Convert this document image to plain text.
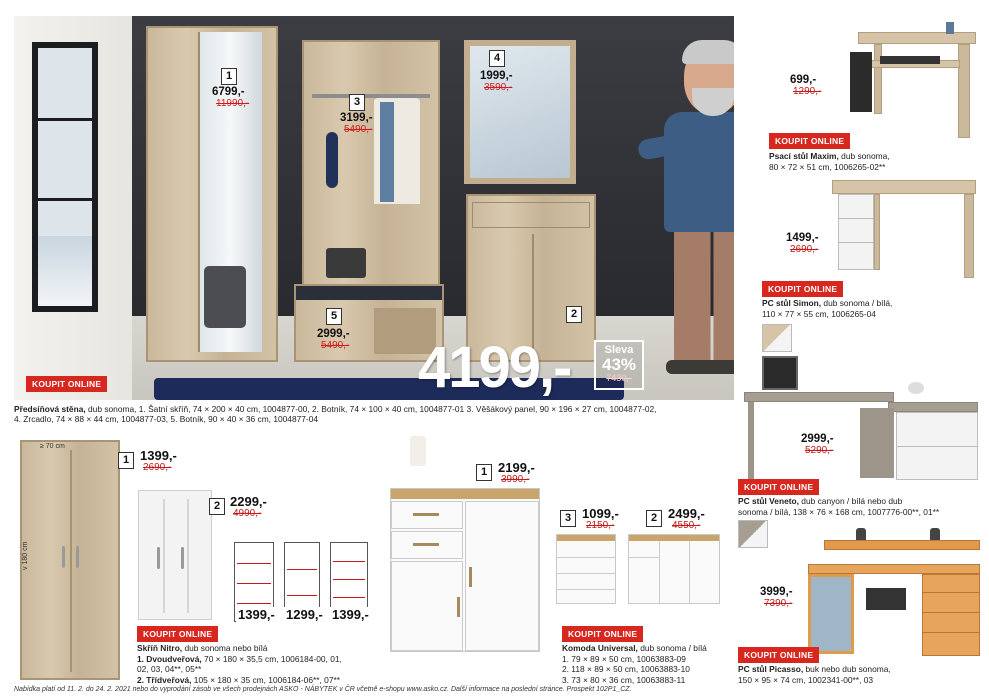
1
6799,-
11990,-	3
3199,-
5490,-
4
1999,-
3590,-
5
2999,-
5490,-
2
KOUPIT ONLINE	4199,-	Sleva
43%
7430,-
Předsíňová stěna, dub sonoma, 1. Šatní skříň, 74 × 200 × 40 cm, 1004877-00, 2. Botník, 74 × 100 × 40 cm, 1004877-01 3. Věšákový panel, 90 × 196 × 27 cm, 1004877-02,
4. Zrcadlo, 74 × 88 × 44 cm, 1004877-03, 5. Botník, 90 × 40 × 36 cm, 1004877-04
699,-
1290,-
KOUPIT ONLINE
Psací stůl Maxim, dub sonoma,
80 × 72 × 51 cm, 1006265-02**
1499,-
2690,-
KOUPIT ONLINE
PC stůl Simon, dub sonoma / bílá,
110 × 77 × 55 cm, 1006265-04
2999,-
5290,-
KOUPIT ONLINE
PC stůl Veneto, dub canyon / bílá nebo dub
sonoma / bílá, 138 × 76 × 168 cm, 1007776-00**, 01**
3999,-
7390,-
KOUPIT ONLINE
PC stůl Picasso, buk nebo dub sonoma,
150 × 95 × 74 cm, 1002341-00**, 03
≥ 70 cm
v 180 cm
1 1399,-
2690,-
2 2299,-
4990,-
1399,- 1299,- 1399,-
KOUPIT ONLINE
Skříň Nitro, dub sonoma nebo bílá
1. Dvoudveřová, 70 × 180 × 35,5 cm, 1006184-00, 01,
02, 03, 04**, 05**
2. Třídveřová, 105 × 180 × 35 cm, 1006184-06**, 07**
1 2199,-
3990,-
3 1099,-
2150,-
2 2499,-
4550,-
KOUPIT ONLINE
Komoda Universal, dub sonoma / bílá
1. 79 × 89 × 50 cm, 10063883-09
2. 118 × 89 × 50 cm, 10063883-10
3. 73 × 80 × 36 cm, 10063883-11
Nabídka platí od 11. 2. do 24. 2. 2021 nebo do vyprodání zásob ve všech prodejnách ASKO - NÁBYTEK v ČR včetně e-shopu www.asko.cz. Další informace na poslední stránce. Prospekt 102P1_CZ.
